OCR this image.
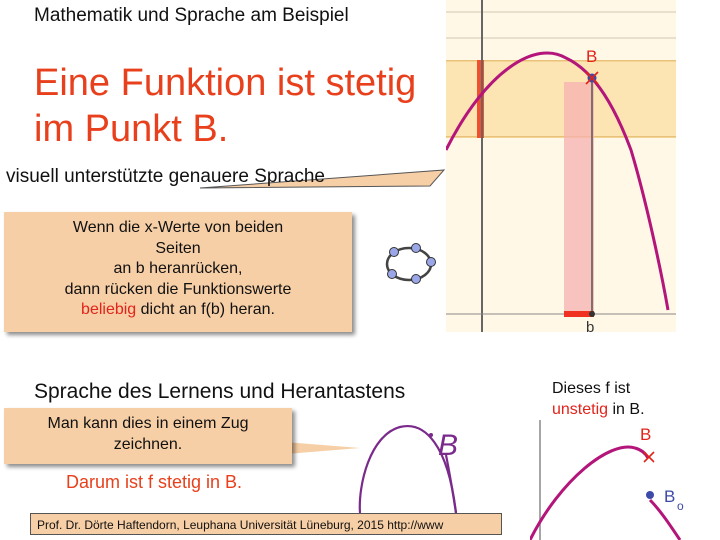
Mathematik und Sprache am Beispiel
Eine Funktion ist stetig im Punkt B.
visuell unterstützte genauere Sprache
Wenn die x-Werte von beiden
Seiten
an b heranrücken,
dann rücken die Funktionswerte
beliebig dicht an f(b) heran.
B
b
Sprache des Lernens und Herantastens
Man kann dies in einem Zug
zeichnen.	B
Darum ist f stetig in B.
Prof. Dr. Dörte Haftendorn, Leuphana Universität Lüneburg, 2015 http://www
Dieses f ist
unstetig in B.
B
B o
